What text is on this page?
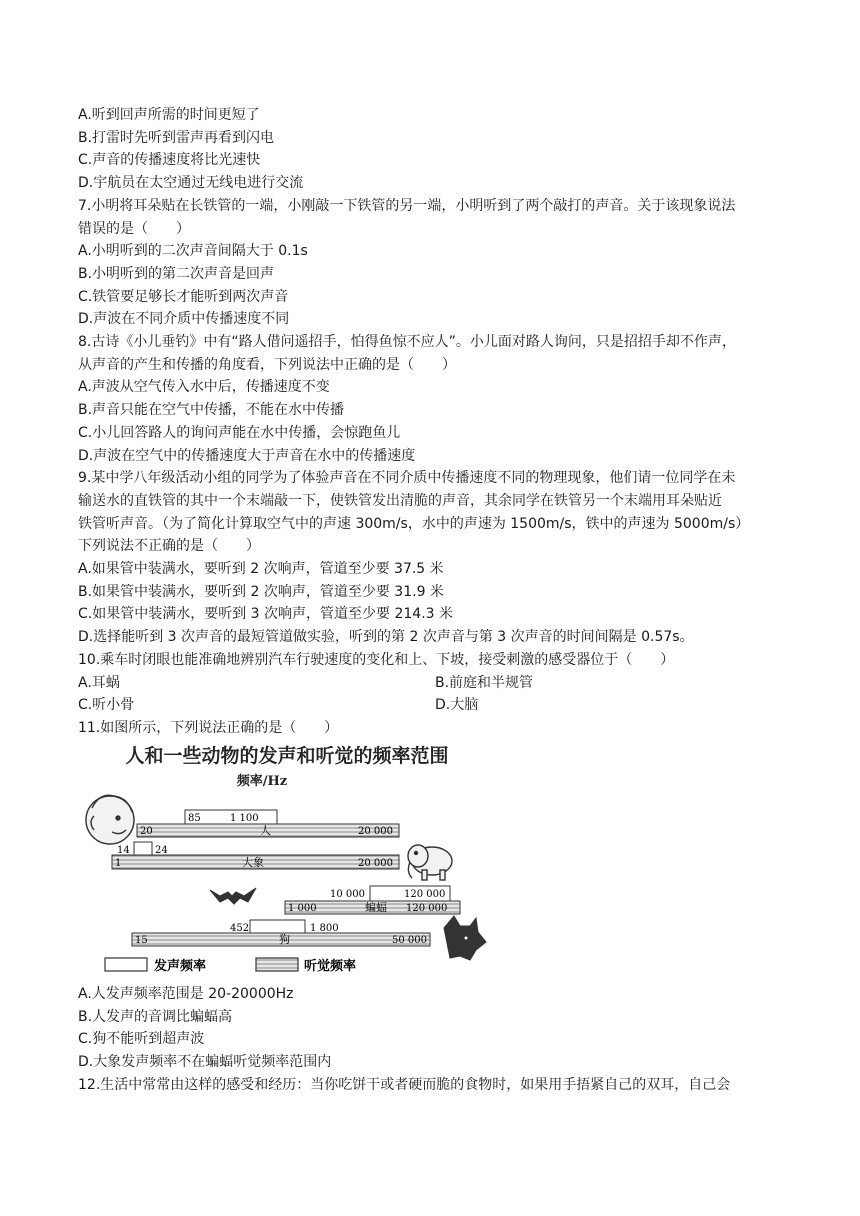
A.听到回声所需的时间更短了
B.打雷时先听到雷声再看到闪电
C.声音的传播速度将比光速快
D.宇航员在太空通过无线电进行交流
7.小明将耳朵贴在长铁管的一端，小刚敲一下铁管的另一端，小明听到了两个敲打的声音。关于该现象说法
错误的是（　　）
A.小明听到的二次声音间隔大于 0.1s
B.小明听到的第二次声音是回声
C.铁管要足够长才能听到两次声音
D.声波在不同介质中传播速度不同
8.古诗《小儿垂钓》中有“路人借问遥招手，怕得鱼惊不应人”。小儿面对路人询问，只是招招手却不作声，
从声音的产生和传播的角度看，下列说法中正确的是（　　）
A.声波从空气传入水中后，传播速度不变
B.声音只能在空气中传播，不能在水中传播
C.小儿回答路人的询问声能在水中传播，会惊跑鱼儿
D.声波在空气中的传播速度大于声音在水中的传播速度
9.某中学八年级活动小组的同学为了体验声音在不同介质中传播速度不同的物理现象，他们请一位同学在未
输送水的直铁管的其中一个末端敲一下，使铁管发出清脆的声音，其余同学在铁管另一个末端用耳朵贴近
铁管听声音。（为了简化计算取空气中的声速 300m/s，水中的声速为 1500m/s，铁中的声速为 5000m/s）
下列说法不正确的是（　　）
A.如果管中装满水，要听到 2 次响声，管道至少要 37.5 米
B.如果管中装满水，要听到 2 次响声，管道至少要 31.9 米
C.如果管中装满水，要听到 3 次响声，管道至少要 214.3 米
D.选择能听到 3 次声音的最短管道做实验，听到的第 2 次声音与第 3 次声音的时间间隔是 0.57s。
10.乘车时闭眼也能准确地辨别汽车行驶速度的变化和上、下坡，接受刺激的感受器位于（　　）
A.耳蜗	B.前庭和半规管
C.听小骨	D.大脑
11.如图所示，下列说法正确的是（　　）
人和一些动物的发声和听觉的频率范围
频率/Hz
85	1 100
20	人	20 000
14	24
1	大象	20 000
10 000	120 000
1 000	蝙蝠 120 000
452	1 800
15	狗	50 000
发声频率	听觉频率
A.人发声频率范围是 20-20000Hz
B.人发声的音调比蝙蝠高
C.狗不能听到超声波
D.大象发声频率不在蝙蝠听觉频率范围内
12.生活中常常由这样的感受和经历：当你吃饼干或者硬而脆的食物时，如果用手捂紧自己的双耳，自己会
